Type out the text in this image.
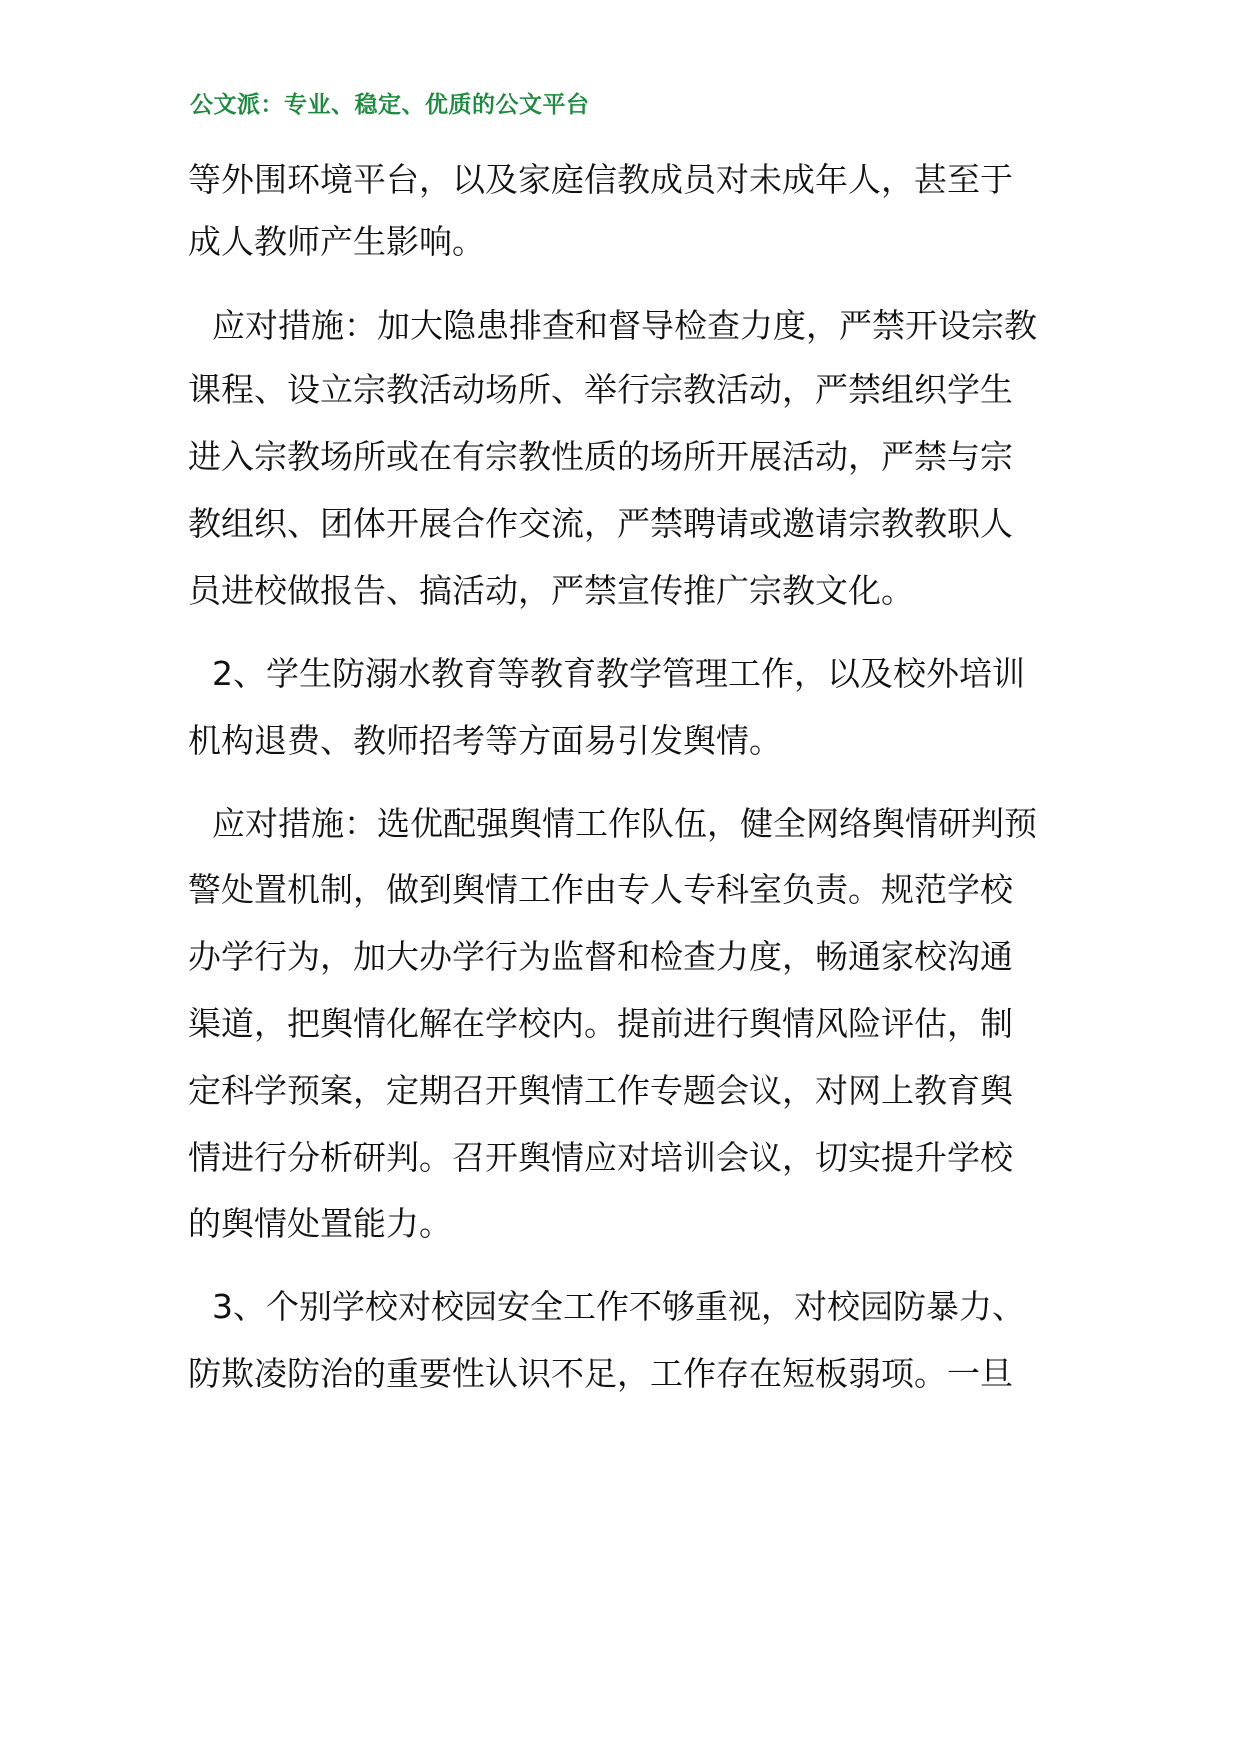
公文派：专业、稳定、优质的公文平台
等外围环境平台，以及家庭信教成员对未成年人，甚至于
成人教师产生影响。
应对措施：加大隐患排查和督导检查力度，严禁开设宗教
课程、设立宗教活动场所、举行宗教活动，严禁组织学生
进入宗教场所或在有宗教性质的场所开展活动，严禁与宗
教组织、团体开展合作交流，严禁聘请或邀请宗教教职人
员进校做报告、搞活动，严禁宣传推广宗教文化。
2、学生防溺水教育等教育教学管理工作，以及校外培训
机构退费、教师招考等方面易引发舆情。
应对措施：选优配强舆情工作队伍，健全网络舆情研判预
警处置机制，做到舆情工作由专人专科室负责。规范学校
办学行为，加大办学行为监督和检查力度，畅通家校沟通
渠道，把舆情化解在学校内。提前进行舆情风险评估，制
定科学预案，定期召开舆情工作专题会议，对网上教育舆
情进行分析研判。召开舆情应对培训会议，切实提升学校
的舆情处置能力。
3、个别学校对校园安全工作不够重视，对校园防暴力、
防欺凌防治的重要性认识不足，工作存在短板弱项。一旦
